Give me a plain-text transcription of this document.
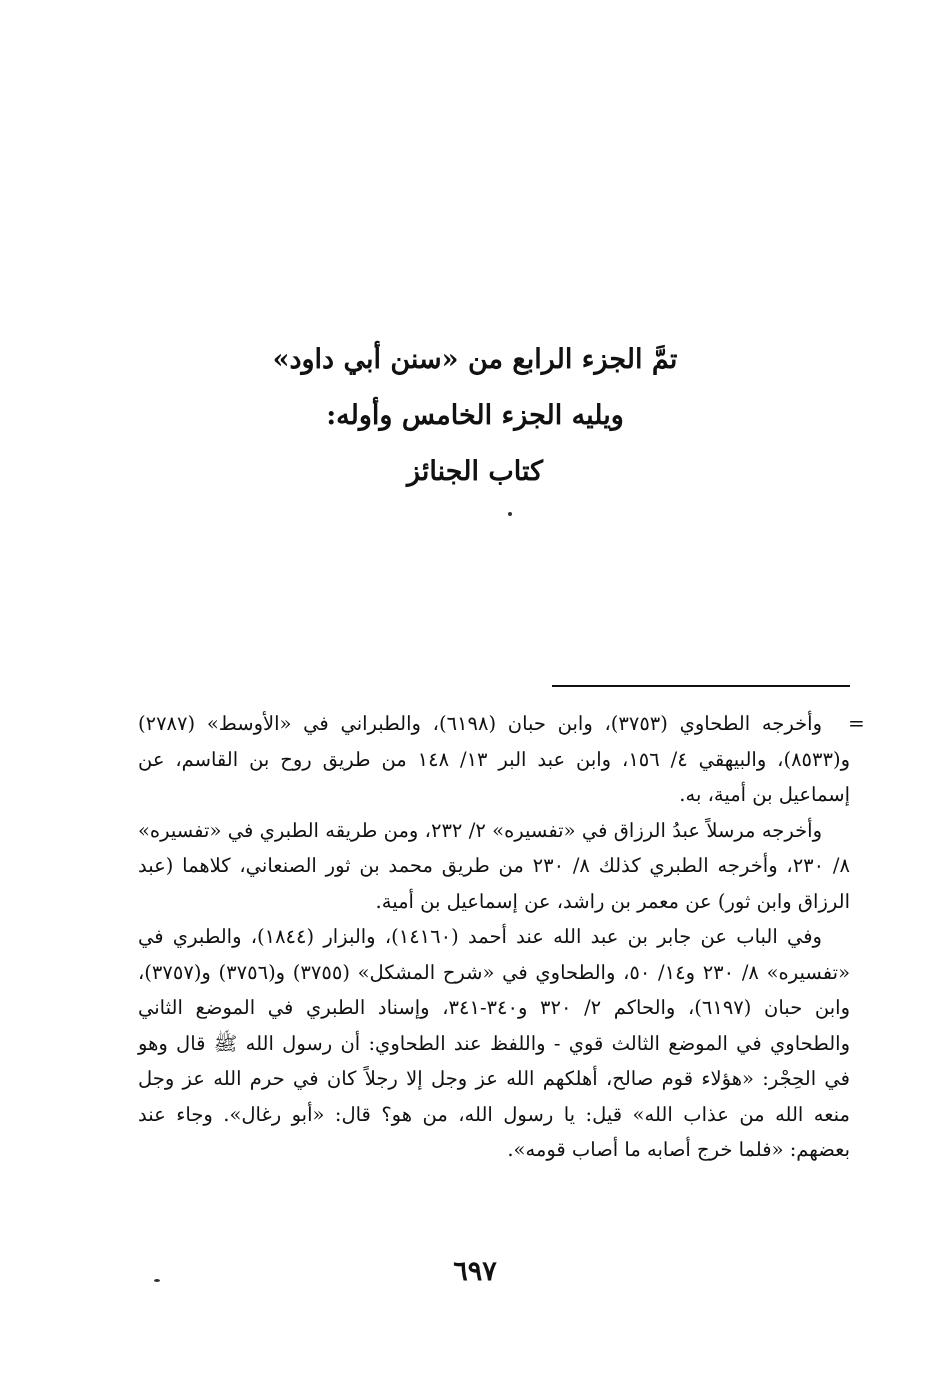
تمَّ الجزء الرابع من «سنن أبي داود»
ويليه الجزء الخامس وأوله:
كتاب الجنائز
=

وأخرجه الطحاوي (٣٧٥٣)، وابن حبان (٦١٩٨)، والطبراني في «الأوسط» (٢٧٨٧) و(٨٥٣٣)، والبيهقي ٤/ ١٥٦، وابن عبد البر ١٣/ ١٤٨ من طريق روح بن القاسم، عن إسماعيل بن أمية، به.

وأخرجه مرسلاً عبدُ الرزاق في «تفسيره» ٢/ ٢٣٢، ومن طريقه الطبري في «تفسيره» ٨/ ٢٣٠، وأخرجه الطبري كذلك ٨/ ٢٣٠ من طريق محمد بن ثور الصنعاني، كلاهما (عبد الرزاق وابن ثور) عن معمر بن راشد، عن إسماعيل بن أمية.

وفي الباب عن جابر بن عبد الله عند أحمد (١٤١٦٠)، والبزار (١٨٤٤)، والطبري في «تفسيره» ٨/ ٢٣٠ و١٤/ ٥٠، والطحاوي في «شرح المشكل» (٣٧٥٥) و(٣٧٥٦) و(٣٧٥٧)، وابن حبان (٦١٩٧)، والحاكم ٢/ ٣٢٠ و٣٤٠-٣٤١، وإسناد الطبري في الموضع الثاني والطحاوي في الموضع الثالث قوي - واللفظ عند الطحاوي: أن رسول الله ﷺ قال وهو في الحِجْر: «هؤلاء قوم صالح، أهلكهم الله عز وجل إلا رجلاً كان في حرم الله عز وجل منعه الله من عذاب الله» قيل: يا رسول الله، من هو؟ قال: «أبو رغال». وجاء عند بعضهم: «فلما خرج أصابه ما أصاب قومه».

٦٩٧
